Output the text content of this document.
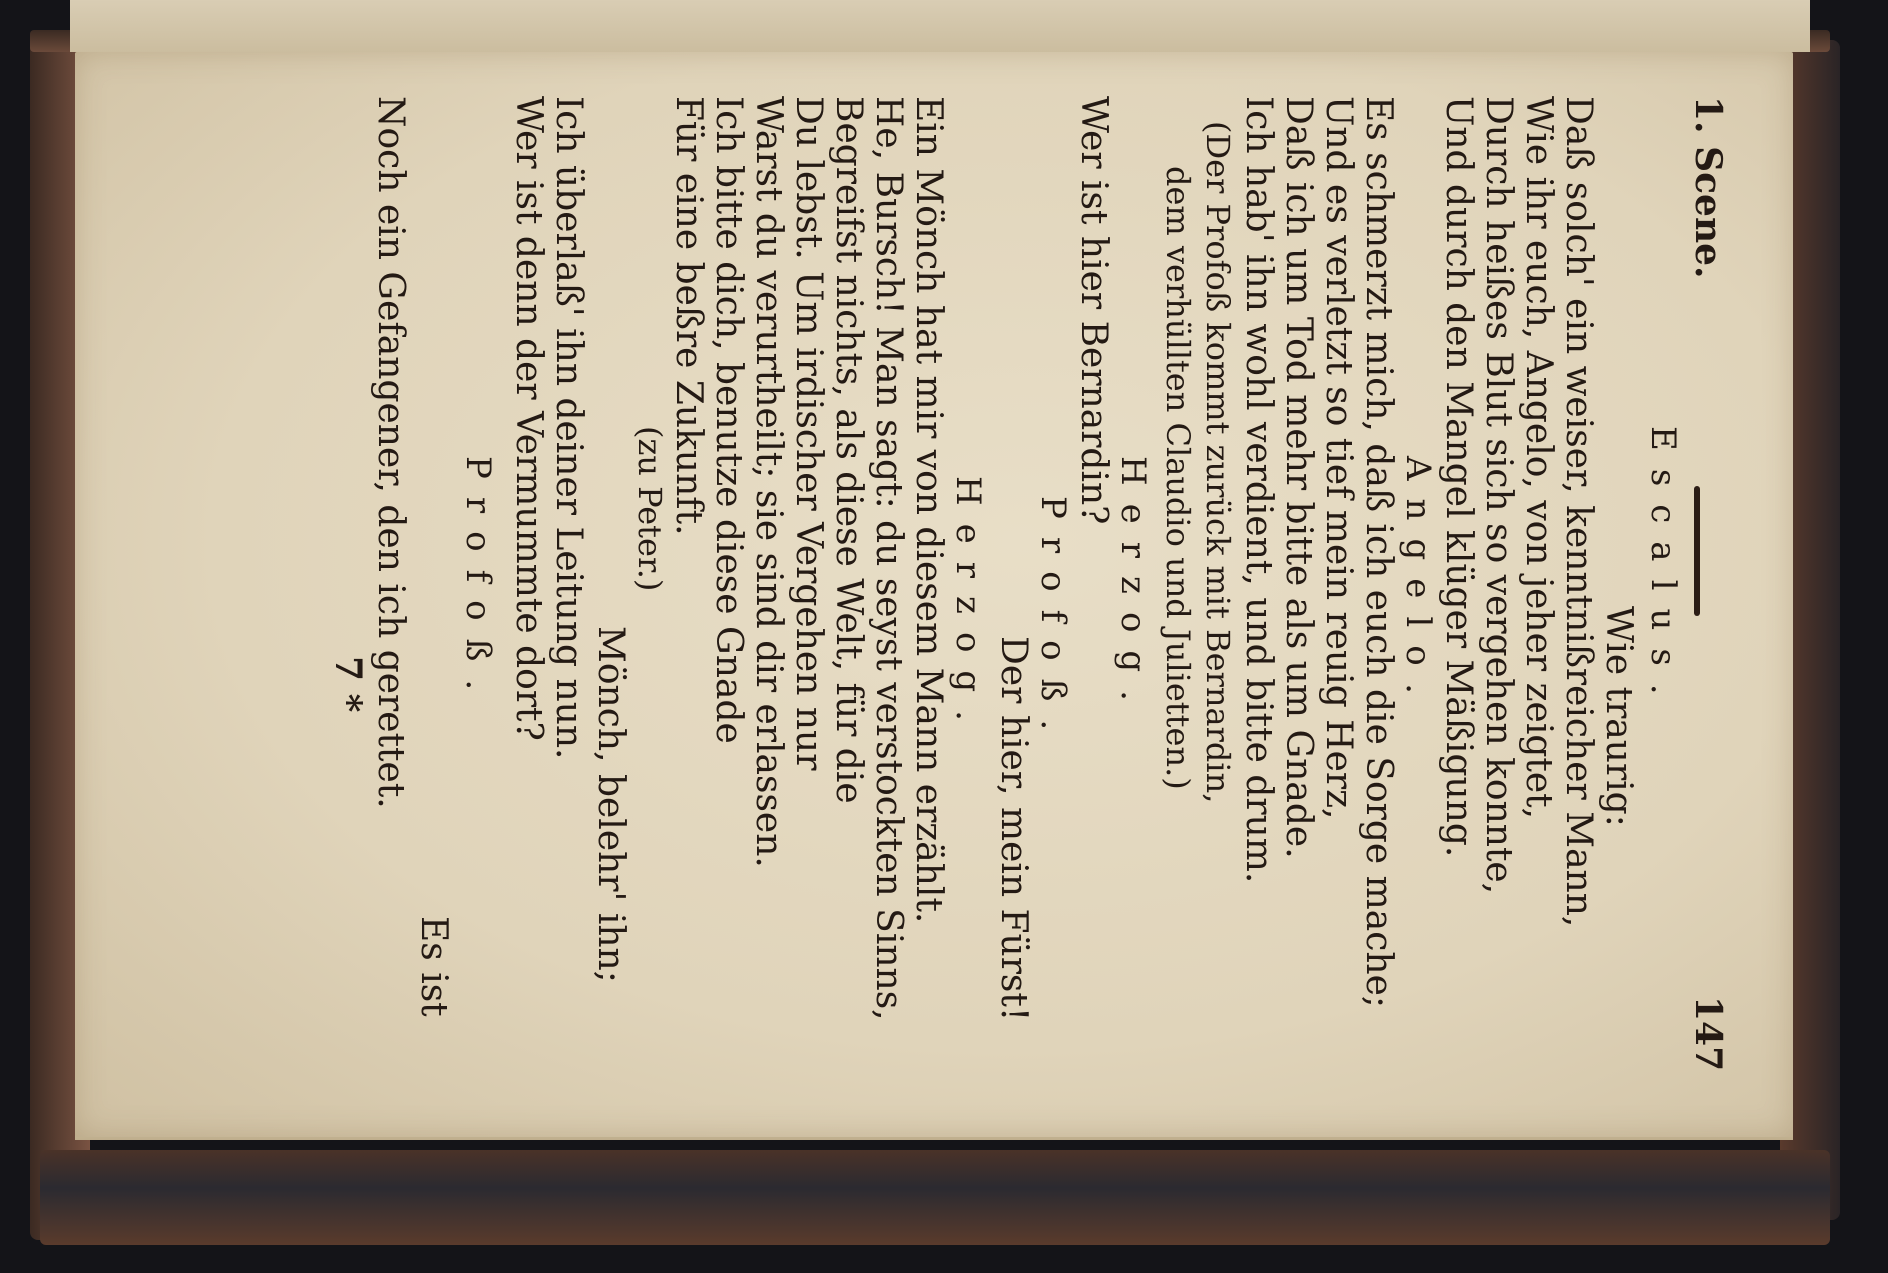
1. Scene.
147
Escalus.
Wie traurig:
Daß solch' ein weiser, kenntnißreicher Mann,
Wie ihr euch, Angelo, von jeher zeigtet,
Durch heißes Blut sich so vergehen konnte,
Und durch den Mangel klüger Mäßigung.
Angelo.
Es schmerzt mich, daß ich euch die Sorge mache;
Und es verletzt so tief mein reuig Herz,
Daß ich um Tod mehr bitte als um Gnade.
Ich hab' ihn wohl verdient, und bitte drum.
(Der Profoß kommt zurück mit Bernardin,
dem verhüllten Claudio und Julietten.)
Herzog.
Wer ist hier Bernardin?
Profoß.
Der hier, mein Fürst!
Herzog.
Ein Mönch hat mir von diesem Mann erzählt.
He, Bursch! Man sagt: du seyst verstockten Sinns,
Begreifst nichts, als diese Welt, für die
Du lebst. Um irdischer Vergehen nur
Warst du verurtheilt; sie sind dir erlassen.
Ich bitte dich, benutze diese Gnade
Für eine beßre Zukunft.
(zu Peter.)
Mönch, belehr' ihn;
Ich überlaß' ihn deiner Leitung nun.
Wer ist denn der Vermummte dort?
Profoß.
Es ist
Noch ein Gefangener, den ich gerettet.
7 *
